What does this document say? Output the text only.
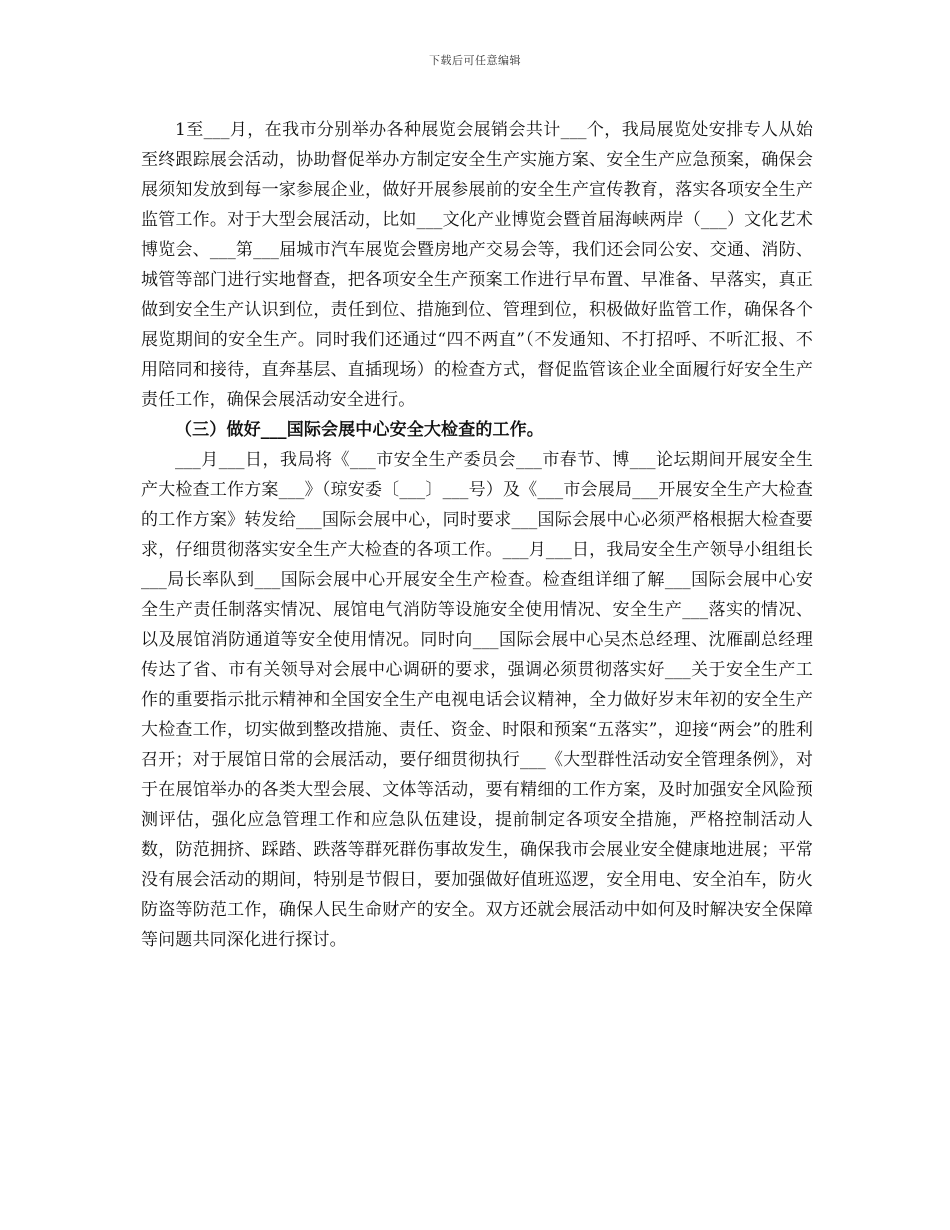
下载后可任意编辑

1至___月，在我市分别举办各种展览会展销会共计___个，我局展览处安排专人从始至终跟踪展会活动，协助督促举办方制定安全生产实施方案、安全生产应急预案，确保会展须知发放到每一家参展企业，做好开展参展前的安全生产宣传教育，落实各项安全生产监管工作。对于大型会展活动，比如___文化产业博览会暨首届海峡两岸（___）文化艺术博览会、___第___届城市汽车展览会暨房地产交易会等，我们还会同公安、交通、消防、城管等部门进行实地督查，把各项安全生产预案工作进行早布置、早准备、早落实，真正做到安全生产认识到位，责任到位、措施到位、管理到位，积极做好监管工作，确保各个展览期间的安全生产。同时我们还通过“四不两直”（不发通知、不打招呼、不听汇报、不用陪同和接待，直奔基层、直插现场）的检查方式，督促监管该企业全面履行好安全生产责任工作，确保会展活动安全进行。

（三）做好___国际会展中心安全大检查的工作。

___月___日，我局将《___市安全生产委员会___市春节、博___论坛期间开展安全生产大检查工作方案___》（琼安委〔___〕___号）及《___市会展局___开展安全生产大检查的工作方案》转发给___国际会展中心，同时要求___国际会展中心必须严格根据大检查要求，仔细贯彻落实安全生产大检查的各项工作。___月___日，我局安全生产领导小组组长___局长率队到___国际会展中心开展安全生产检查。检查组详细了解___国际会展中心安全生产责任制落实情况、展馆电气消防等设施安全使用情况、安全生产___落实的情况、以及展馆消防通道等安全使用情况。同时向___国际会展中心吴杰总经理、沈雁副总经理传达了省、市有关领导对会展中心调研的要求，强调必须贯彻落实好___关于安全生产工作的重要指示批示精神和全国安全生产电视电话会议精神，全力做好岁末年初的安全生产大检查工作，切实做到整改措施、责任、资金、时限和预案“五落实”，迎接“两会”的胜利召开；对于展馆日常的会展活动，要仔细贯彻执行___《大型群性活动安全管理条例》，对于在展馆举办的各类大型会展、文体等活动，要有精细的工作方案，及时加强安全风险预测评估，强化应急管理工作和应急队伍建设，提前制定各项安全措施，严格控制活动人数，防范拥挤、踩踏、跌落等群死群伤事故发生，确保我市会展业安全健康地进展；平常没有展会活动的期间，特别是节假日，要加强做好值班巡逻，安全用电、安全泊车，防火防盗等防范工作，确保人民生命财产的安全。双方还就会展活动中如何及时解决安全保障等问题共同深化进行探讨。
